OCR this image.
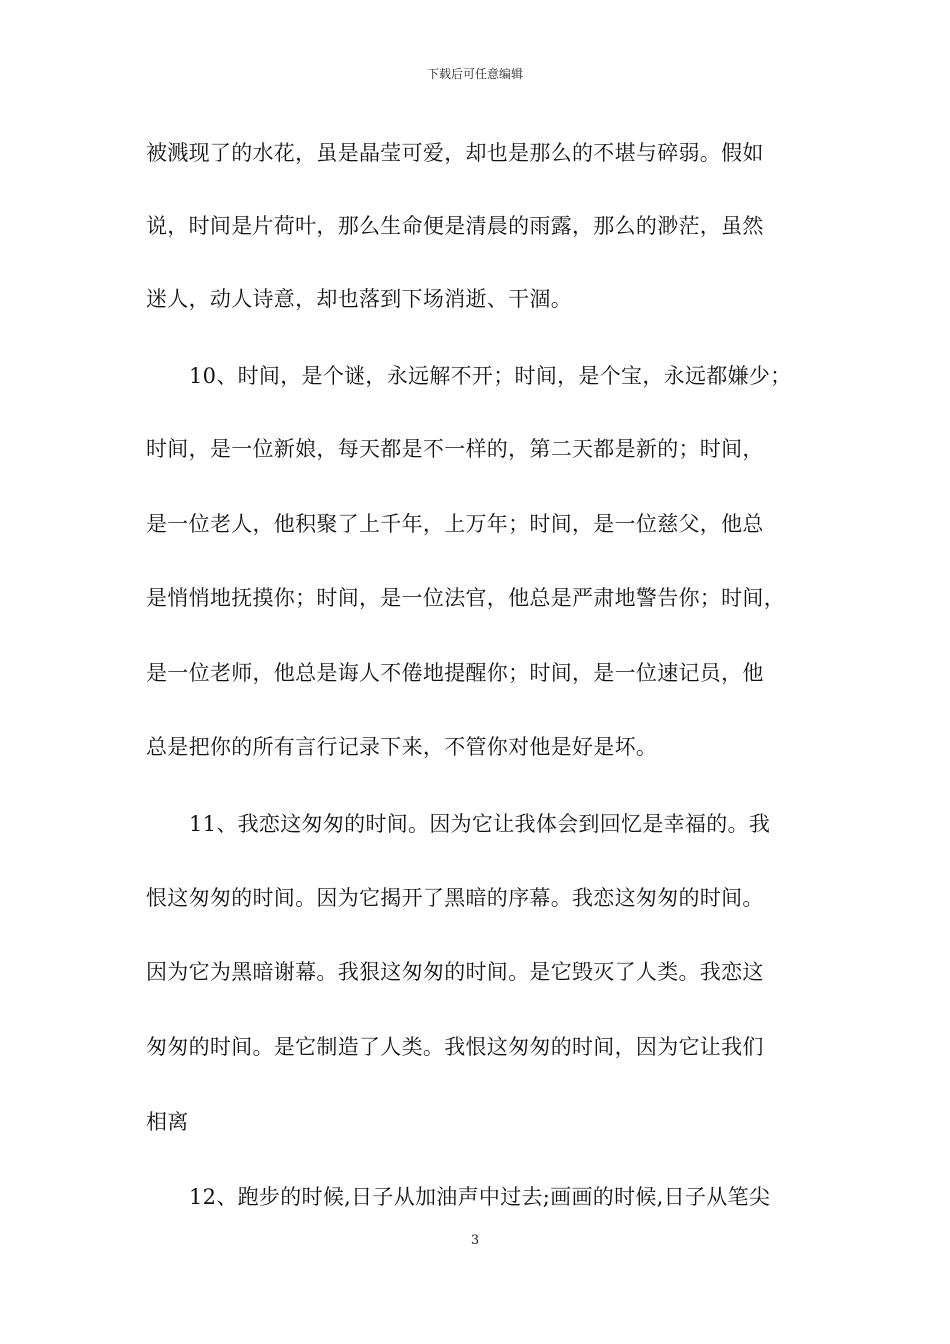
下载后可任意编辑
被溅现了的水花，虽是晶莹可爱，却也是那么的不堪与碎弱。假如
说，时间是片荷叶，那么生命便是清晨的雨露，那么的渺茫，虽然
迷人，动人诗意，却也落到下场消逝、干涸。
10、时间，是个谜，永远解不开；时间，是个宝，永远都嫌少；
时间，是一位新娘，每天都是不一样的，第二天都是新的；时间，
是一位老人，他积聚了上千年，上万年；时间，是一位慈父，他总
是悄悄地抚摸你；时间，是一位法官，他总是严肃地警告你；时间，
是一位老师，他总是诲人不倦地提醒你；时间，是一位速记员，他
总是把你的所有言行记录下来，不管你对他是好是坏。
11、我恋这匆匆的时间。因为它让我体会到回忆是幸福的。我
恨这匆匆的时间。因为它揭开了黑暗的序幕。我恋这匆匆的时间。
因为它为黑暗谢幕。我狠这匆匆的时间。是它毁灭了人类。我恋这
匆匆的时间。是它制造了人类。我恨这匆匆的时间，因为它让我们
相离
12、跑步的时候,日子从加油声中过去;画画的时候,日子从笔尖
3
